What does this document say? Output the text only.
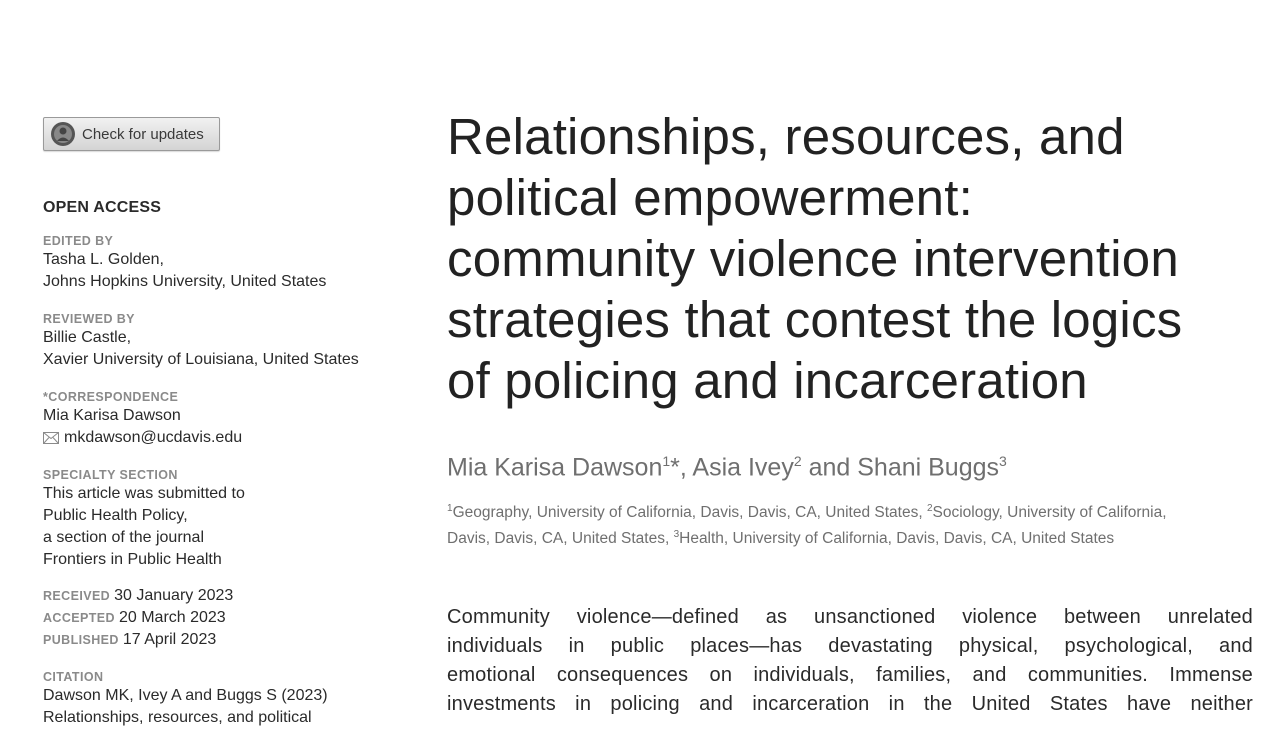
Check for updates
OPEN ACCESS
EDITED BY
Tasha L. Golden,
Johns Hopkins University, United States
REVIEWED BY
Billie Castle,
Xavier University of Louisiana, United States
*CORRESPONDENCE
Mia Karisa Dawson
mkdawson@ucdavis.edu
SPECIALTY SECTION
This article was submitted to
Public Health Policy,
a section of the journal
Frontiers in Public Health
RECEIVED 30 January 2023
ACCEPTED 20 March 2023
PUBLISHED 17 April 2023
CITATION
Dawson MK, Ivey A and Buggs S (2023)
Relationships, resources, and political
Relationships, resources, and
political empowerment:
community violence intervention
strategies that contest the logics
of policing and incarceration
Mia Karisa Dawson$^1$*, Asia Ivey$^2$ and Shani Buggs$^3$
$^1$Geography, University of California, Davis, Davis, CA, United States, $^2$Sociology, University of California,
Davis, Davis, CA, United States, $^3$Health, University of California, Davis, Davis, CA, United States
Community violence—defined as unsanctioned violence between unrelated
individuals in public places—has devastating physical, psychological, and
emotional consequences on individuals, families, and communities. Immense
investments in policing and incarceration in the United States have neither
